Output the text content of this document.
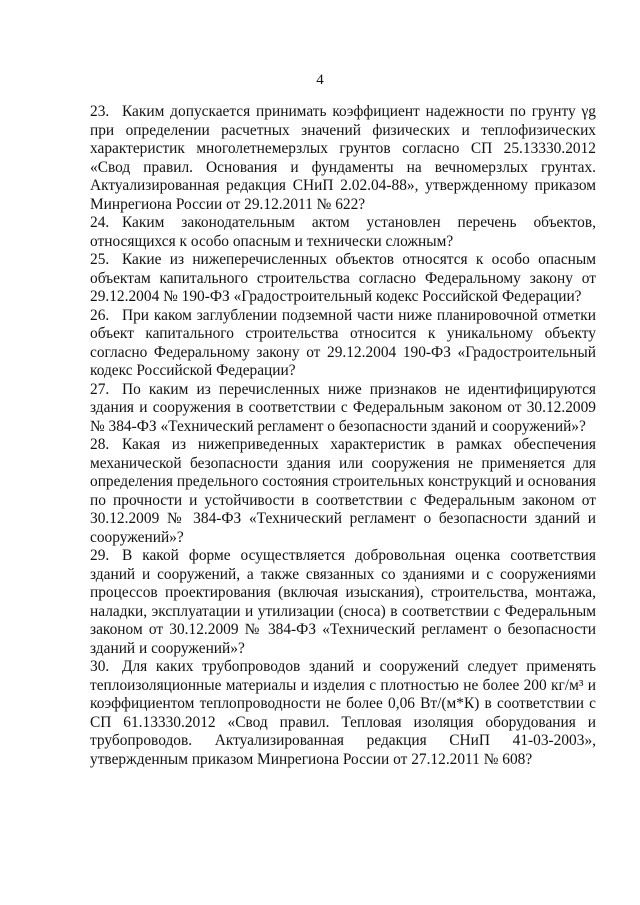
4

23. Каким допускается принимать коэффициент надежности по грунту γg при определении расчетных значений физических и теплофизических характеристик многолетнемерзлых грунтов согласно СП 25.13330.2012 «Свод правил. Основания и фундаменты на вечномерзлых грунтах. Актуализированная редакция СНиП 2.02.04-88», утвержденному приказом Минрегиона России от 29.12.2011 № 622?

24. Каким законодательным актом установлен перечень объектов, относящихся к особо опасным и технически сложным?

25. Какие из нижеперечисленных объектов относятся к особо опасным объектам капитального строительства согласно Федеральному закону от 29.12.2004 № 190-ФЗ «Градостроительный кодекс Российской Федерации?

26. При каком заглублении подземной части ниже планировочной отметки объект капитального строительства относится к уникальному объекту согласно Федеральному закону от 29.12.2004 190-ФЗ «Градостроительный кодекс Российской Федерации?

27. По каким из перечисленных ниже признаков не идентифицируются здания и сооружения в соответствии с Федеральным законом от 30.12.2009 № 384-ФЗ «Технический регламент о безопасности зданий и сооружений»?

28. Какая из нижеприведенных характеристик в рамках обеспечения механической безопасности здания или сооружения не применяется для определения предельного состояния строительных конструкций и основания по прочности и устойчивости в соответствии с Федеральным законом от 30.12.2009 № 384-ФЗ «Технический регламент о безопасности зданий и сооружений»?

29. В какой форме осуществляется добровольная оценка соответствия зданий и сооружений, а также связанных со зданиями и с сооружениями процессов проектирования (включая изыскания), строительства, монтажа, наладки, эксплуатации и утилизации (сноса) в соответствии с Федеральным законом от 30.12.2009 № 384-ФЗ «Технический регламент о безопасности зданий и сооружений»?

30. Для каких трубопроводов зданий и сооружений следует применять теплоизоляционные материалы и изделия с плотностью не более 200 кг/м³ и коэффициентом теплопроводности не более 0,06 Вт/(м*К) в соответствии с СП 61.13330.2012 «Свод правил. Тепловая изоляция оборудования и трубопроводов. Актуализированная редакция СНиП 41-03-2003», утвержденным приказом Минрегиона России от 27.12.2011 № 608?
